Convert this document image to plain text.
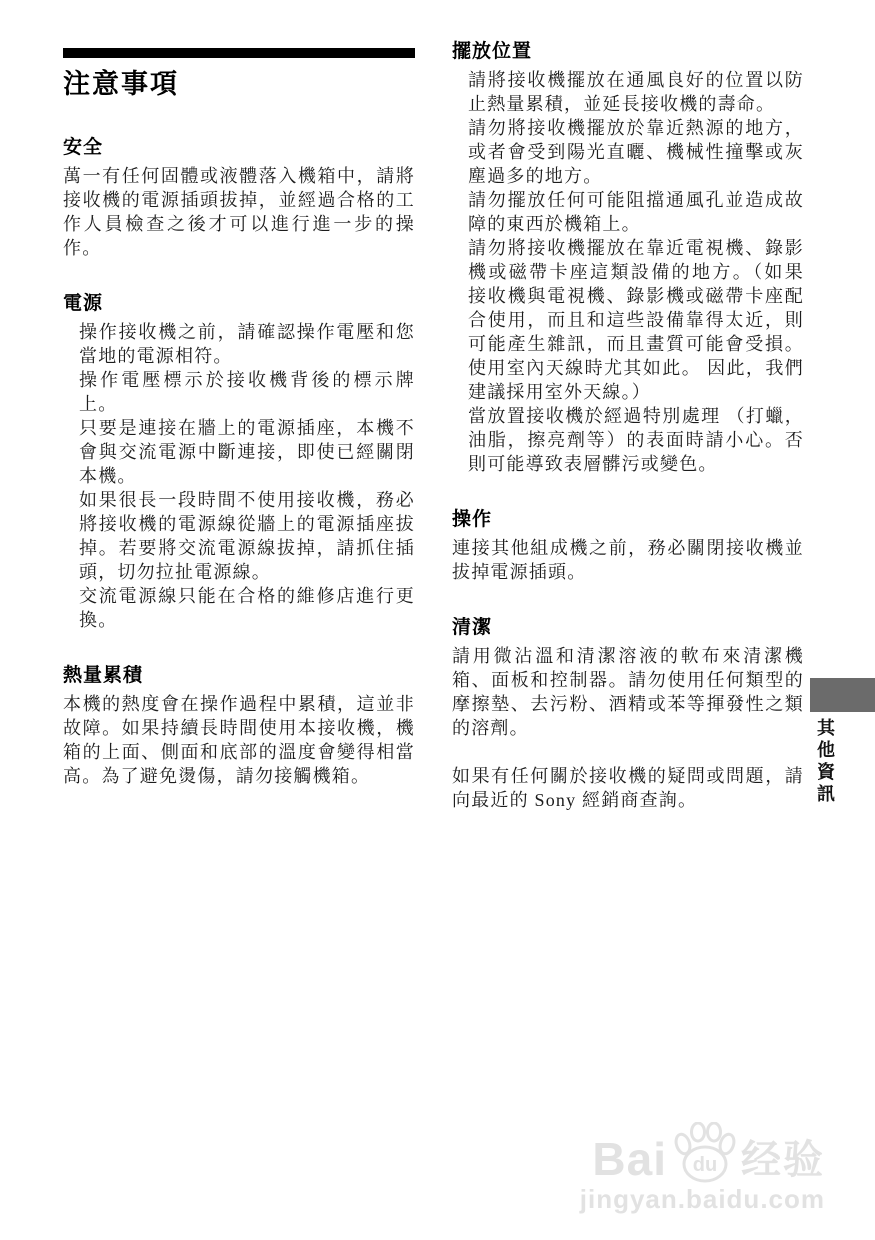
注意事項
安全

萬一有任何固體或液體落入機箱中，請將接收機的電源插頭拔掉，並經過合格的工作人員檢查之後才可以進行進一步的操作。

電源

操作接收機之前，請確認操作電壓和您當地的電源相符。

操作電壓標示於接收機背後的標示牌上。

只要是連接在牆上的電源插座，本機不會與交流電源中斷連接，即使已經關閉本機。

如果很長一段時間不使用接收機，務必將接收機的電源線從牆上的電源插座拔掉。若要將交流電源線拔掉，請抓住插頭，切勿拉扯電源線。

交流電源線只能在合格的維修店進行更換。

熱量累積

本機的熱度會在操作過程中累積，這並非故障。如果持續長時間使用本接收機，機箱的上面、側面和底部的溫度會變得相當高。為了避免燙傷，請勿接觸機箱。

擺放位置

請將接收機擺放在通風良好的位置以防止熱量累積，並延長接收機的壽命。

請勿將接收機擺放於靠近熱源的地方，或者會受到陽光直曬、機械性撞擊或灰塵過多的地方。

請勿擺放任何可能阻擋通風孔並造成故障的東西於機箱上。

請勿將接收機擺放在靠近電視機、錄影機或磁帶卡座這類設備的地方。（如果接收機與電視機、錄影機或磁帶卡座配合使用，而且和這些設備靠得太近，則可能產生雜訊，而且畫質可能會受損。使用室內天線時尤其如此。 因此，我們建議採用室外天線。）

當放置接收機於經過特別處理 （打蠟，油脂，擦亮劑等）的表面時請小心。否則可能導致表層髒污或變色。

操作

連接其他組成機之前，務必關閉接收機並拔掉電源插頭。

清潔

請用微沾溫和清潔溶液的軟布來清潔機箱、面板和控制器。請勿使用任何類型的摩擦墊、去污粉、酒精或苯等揮發性之類的溶劑。

如果有任何關於接收機的疑問或問題，請向最近的 Sony 經銷商查詢。	其他資訊
Bai du 经验
jingyan.baidu.com
